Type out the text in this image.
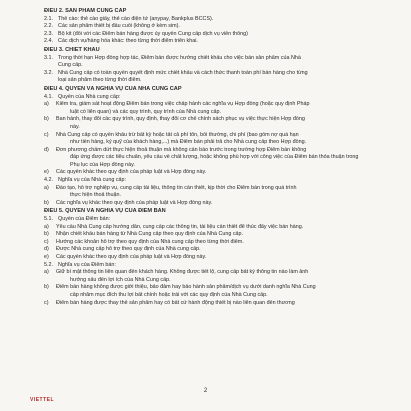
ĐIỀU 2. SẢN PHẨM CUNG CẤP
2.1. Thẻ cào: thẻ cào giấy, thẻ cào điện tử (anypay, Bankplus BCCS).
2.2. Các sản phẩm thiết bị đầu cuối (không ở kèm sim).
2.3. Bộ kit (đối với các Điểm bán hàng được ủy quyền Cung cấp dịch vụ viễn thông)
2.4. Các dịch vụ/hàng hóa khác: theo từng thời điểm triển khai.
ĐIỀU 3. CHIẾT KHẤU
3.1. Trong thời hạn Hợp đồng hợp tác, Điểm bán được hưởng chiết khấu cho việc bán sản phẩm của Nhà
Cung cấp.
3.2. Nhà Cung cấp có toàn quyền quyết định mức chiết khấu và cách thức thanh toán phí bán hàng cho từng
loại sản phẩm theo từng thời điểm.
ĐIỀU 4. QUYỀN VÀ NGHĨA VỤ CỦA NHÀ CUNG CẤP
4.1. Quyền của Nhà cung cấp:
a) Kiểm tra, giám sát hoạt động Điểm bán trong việc chấp hành các nghĩa vụ Hợp đồng (hoặc quy định Pháp
luật có liên quan) và các quy trình, quy trình của Nhà cung cấp.
b) Ban hành, thay đổi các quy trình, quy định, thay đổi cơ chế chính sách phục vụ việc thực hiện Hợp đồng
này.
c) Nhà Cung cấp có quyền khấu trừ bất kỳ hoặc tất cả phí tổn, bồi thường, chi phí (bao gồm nợ quá hạn
như tiền hàng, ký quỹ của khách hàng,...) mà Điểm bán phải trả cho Nhà cung cấp theo Hợp đồng.
d) Đơn phương chấm dứt thực hiện thoả thuận mà không cần báo trước trong trường hợp Điểm bán không
đáp ứng được các tiêu chuẩn, yêu cầu về chất lượng, hoặc không phù hợp với công việc của Điểm bán thỏa thuận trong
Phụ lục của Hợp đồng này.
e) Các quyền khác theo quy định của pháp luật và Hợp đồng này.
4.2. Nghĩa vụ của Nhà cung cấp:
a) Đào tạo, hỗ trợ nghiệp vụ, cung cấp tài liệu, thông tin cần thiết, kịp thời cho Điểm bán trong quá trình
thực hiện thoả thuận.
b) Các nghĩa vụ khác theo quy định của pháp luật và Hợp đồng này.
ĐIỀU 5. QUYỀN VÀ NGHĨA VỤ CỦA ĐIỂM BÁN
5.1. Quyền của Điểm bán:
a) Yêu cầu Nhà Cung cấp hướng dẫn, cung cấp các thông tin, tài liệu cần thiết để thúc đẩy việc bán hàng.
b) Nhận chiết khấu bán hàng từ Nhà Cung cấp theo quy định của Nhà Cung cấp.
c) Hưởng các khoản hỗ trợ theo quy định của Nhà cung cấp theo từng thời điểm.
d) Được Nhà cung cấp hỗ trợ theo quy định của Nhà cung cấp.
e) Các quyền khác theo quy định của pháp luật và Hợp đồng này.
5.2. Nghĩa vụ của Điểm bán:
a) Giữ bí mật thông tin liên quan đến khách hàng. Không được tiết lộ, cung cấp bất kỳ thông tin nào làm ảnh
hưởng xấu đến lợi ích của Nhà Cung cấp.
b) Điểm bán hàng không được giới thiệu, bảo đảm hay bảo hành sản phẩm/dịch vụ dưới danh nghĩa Nhà Cung
cấp nhằm mục đích thu lợi bất chính hoặc trái với các quy định của Nhà Cung cấp.
c) Điểm bán hàng được thay thế sản phẩm hay có bất cứ hành động thiết bị nào liên quan đến thương
2
VIETTEL
